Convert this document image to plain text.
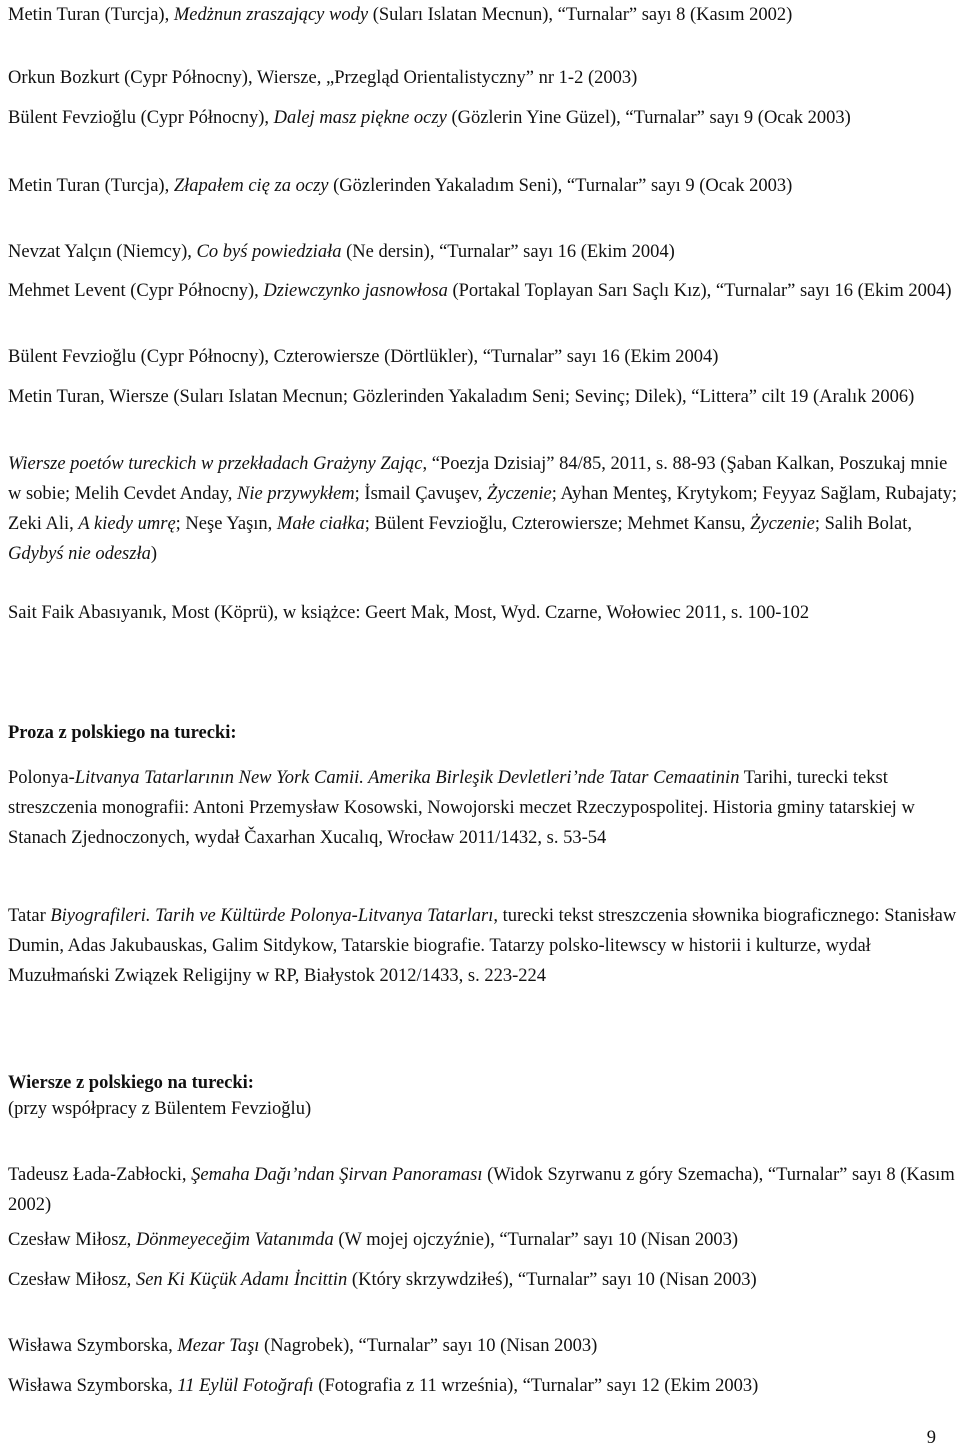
Metin Turan (Turcja), Medżnun zraszający wody (Suları Islatan Mecnun), “Turnalar” sayı 8 (Kasım 2002)

Orkun Bozkurt (Cypr Północny), Wiersze, „Przegląd Orientalistyczny” nr 1-2 (2003)

Bülent Fevzioğlu (Cypr Północny), Dalej masz piękne oczy (Gözlerin Yine Güzel), “Turnalar” sayı 9 (Ocak 2003)

Metin Turan (Turcja), Złapałem cię za oczy (Gözlerinden Yakaladım Seni), “Turnalar” sayı 9 (Ocak 2003)

Nevzat Yalçın (Niemcy), Co byś powiedziała (Ne dersin), “Turnalar” sayı 16 (Ekim 2004)

Mehmet Levent (Cypr Północny), Dziewczynko jasnowłosa (Portakal Toplayan Sarı Saçlı Kız), “Turnalar” sayı 16 (Ekim 2004)

Bülent Fevzioğlu (Cypr Północny), Czterowiersze (Dörtlükler), “Turnalar” sayı 16 (Ekim 2004)

Metin Turan, Wiersze (Suları Islatan Mecnun; Gözlerinden Yakaladım Seni; Sevinç; Dilek), “Littera” cilt 19 (Aralık 2006)

Wiersze poetów tureckich w przekładach Grażyny Zając, “Poezja Dzisiaj” 84/85, 2011, s. 88-93 (Şaban Kalkan, Poszukaj mnie w sobie; Melih Cevdet Anday, Nie przywykłem; İsmail Çavuşev, Życzenie; Ayhan Menteş, Krytykom; Feyyaz Sağlam, Rubajaty; Zeki Ali, A kiedy umrę; Neşe Yaşın, Małe ciałka; Bülent Fevzioğlu, Czterowiersze; Mehmet Kansu, Życzenie; Salih Bolat, Gdybyś nie odeszła)

Sait Faik Abasıyanık, Most (Köprü), w książce: Geert Mak, Most, Wyd. Czarne, Wołowiec 2011, s. 100-102

Proza z polskiego na turecki:

Polonya-Litvanya Tatarlarının New York Camii. Amerika Birleşik Devletleri’nde Tatar Cemaatinin Tarihi, turecki tekst streszczenia monografii: Antoni Przemysław Kosowski, Nowojorski meczet Rzeczypospolitej. Historia gminy tatarskiej w Stanach Zjednoczonych, wydał Čaxarhan Xucalıq, Wrocław 2011/1432, s. 53-54

Tatar Biyografileri. Tarih ve Kültürde Polonya-Litvanya Tatarları, turecki tekst streszczenia słownika biograficznego: Stanisław Dumin, Adas Jakubauskas, Galim Sitdykow, Tatarskie biografie. Tatarzy polsko-litewscy w historii i kulturze, wydał Muzułmański Związek Religijny w RP, Białystok 2012/1433, s. 223-224

Wiersze z polskiego na turecki:

(przy współpracy z Bülentem Fevzioğlu)

Tadeusz Łada-Zabłocki, Şemaha Dağı’ndan Şirvan Panoraması (Widok Szyrwanu z góry Szemacha), “Turnalar” sayı 8 (Kasım 2002)

Czesław Miłosz, Dönmeyeceğim Vatanımda (W mojej ojczyźnie), “Turnalar” sayı 10 (Nisan 2003)

Czesław Miłosz, Sen Ki Küçük Adamı İncittin (Który skrzywdziłeś), “Turnalar” sayı 10 (Nisan 2003)

Wisława Szymborska, Mezar Taşı (Nagrobek), “Turnalar” sayı 10 (Nisan 2003)

Wisława Szymborska, 11 Eylül Fotoğrafı (Fotografia z 11 września), “Turnalar” sayı 12 (Ekim 2003)

9
